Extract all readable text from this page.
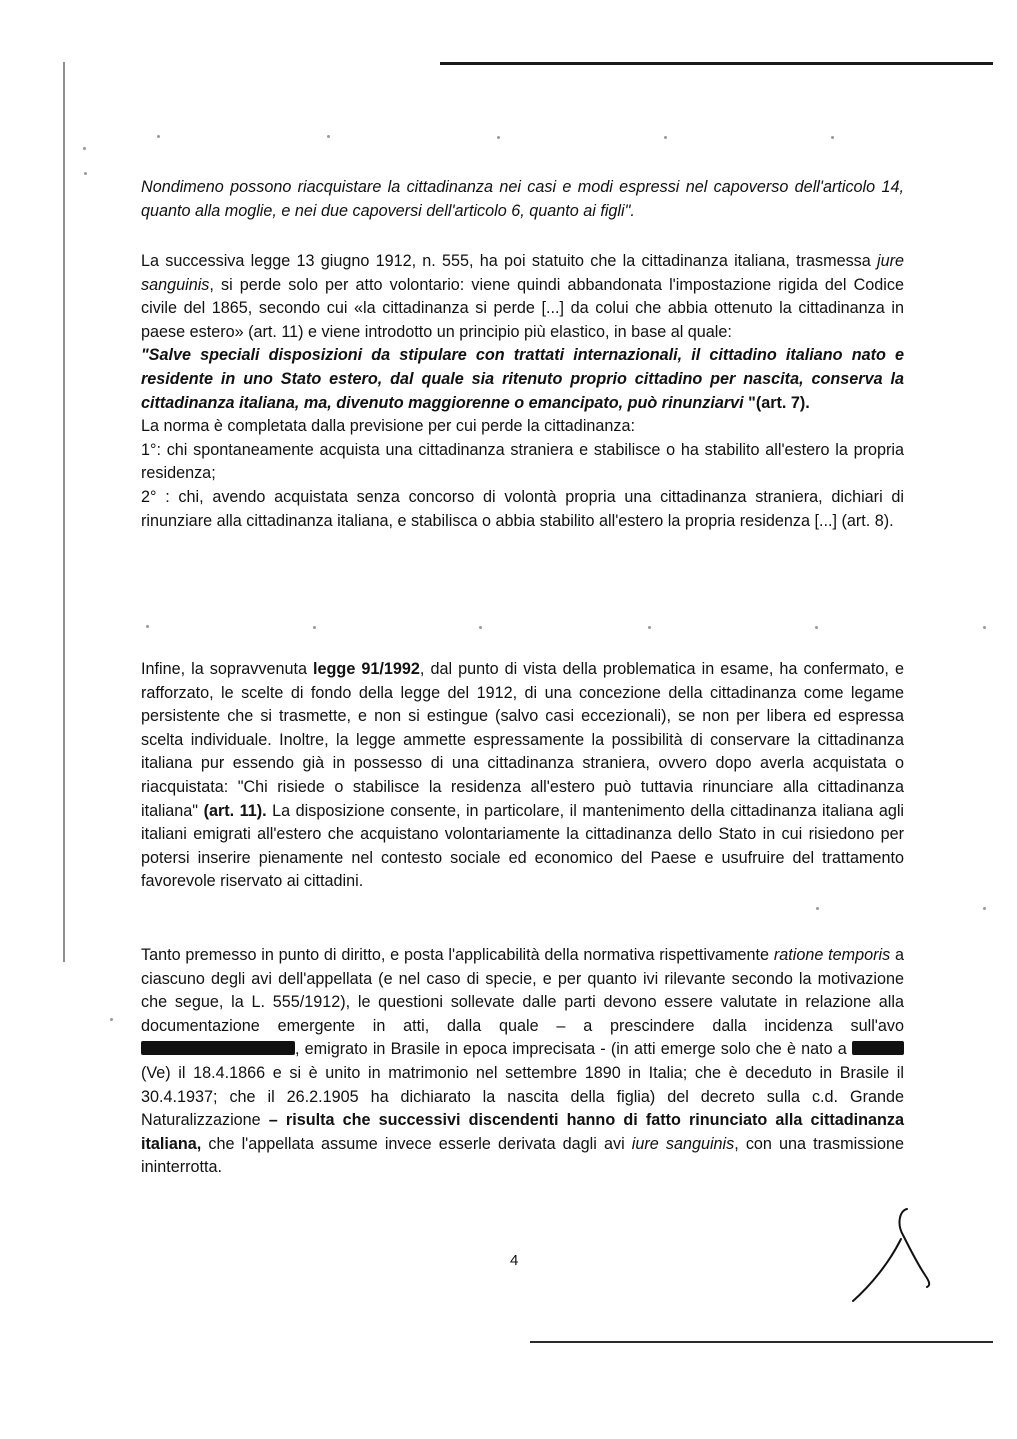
Nondimeno possono riacquistare la cittadinanza nei casi e modi espressi nel capoverso dell'articolo 14, quanto alla moglie, e nei due capoversi dell'articolo 6, quanto ai figli".

La successiva legge 13 giugno 1912, n. 555, ha poi statuito che la cittadinanza italiana, trasmessa jure sanguinis, si perde solo per atto volontario: viene quindi abbandonata l'impostazione rigida del Codice civile del 1865, secondo cui «la cittadinanza si perde [...] da colui che abbia ottenuto la cittadinanza in paese estero» (art. 11) e viene introdotto un principio più elastico, in base al quale:

"Salve speciali disposizioni da stipulare con trattati internazionali, il cittadino italiano nato e residente in uno Stato estero, dal quale sia ritenuto proprio cittadino per nascita, conserva la cittadinanza italiana, ma, divenuto maggiorenne o emancipato, può rinunziarvi "(art. 7).

La norma è completata dalla previsione per cui perde la cittadinanza:

1°: chi spontaneamente acquista una cittadinanza straniera e stabilisce o ha stabilito all'estero la propria residenza;

2° : chi, avendo acquistata senza concorso di volontà propria una cittadinanza straniera, dichiari di rinunziare alla cittadinanza italiana, e stabilisca o abbia stabilito all'estero la propria residenza [...] (art. 8).

Infine, la sopravvenuta legge 91/1992, dal punto di vista della problematica in esame, ha confermato, e rafforzato, le scelte di fondo della legge del 1912, di una concezione della cittadinanza come legame persistente che si trasmette, e non si estingue (salvo casi eccezionali), se non per libera ed espressa scelta individuale. Inoltre, la legge ammette espressamente la possibilità di conservare la cittadinanza italiana pur essendo già in possesso di una cittadinanza straniera, ovvero dopo averla acquistata o riacquistata: "Chi risiede o stabilisce la residenza all'estero può tuttavia rinunciare alla cittadinanza italiana" (art. 11). La disposizione consente, in particolare, il mantenimento della cittadinanza italiana agli italiani emigrati all'estero che acquistano volontariamente la cittadinanza dello Stato in cui risiedono per potersi inserire pienamente nel contesto sociale ed economico del Paese e usufruire del trattamento favorevole riservato ai cittadini.

Tanto premesso in punto di diritto, e posta l'applicabilità della normativa rispettivamente ratione temporis a ciascuno degli avi dell'appellata (e nel caso di specie, e per quanto ivi rilevante secondo la motivazione che segue, la L. 555/1912), le questioni sollevate dalle parti devono essere valutate in relazione alla documentazione emergente in atti, dalla quale – a prescindere dalla incidenza sull'avo , emigrato in Brasile in epoca imprecisata - (in atti emerge solo che è nato a  (Ve) il 18.4.1866 e si è unito in matrimonio nel settembre 1890 in Italia; che è deceduto in Brasile il 30.4.1937; che il 26.2.1905 ha dichiarato la nascita della figlia) del decreto sulla c.d. Grande Naturalizzazione – risulta che successivi discendenti hanno di fatto rinunciato alla cittadinanza italiana, che l'appellata assume invece esserle derivata dagli avi iure sanguinis, con una trasmissione ininterrotta.

4
